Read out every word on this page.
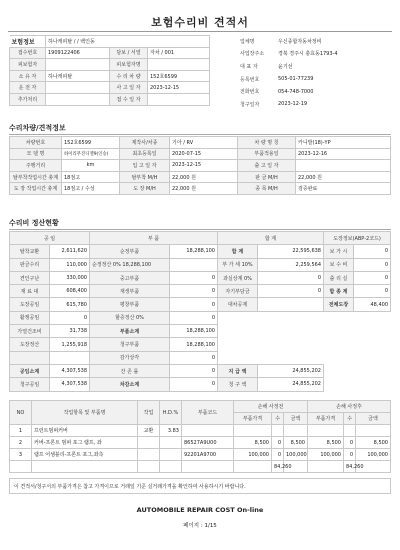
보험수리비 견적서
보험정보	하나캐피탈 / / 백인동		
접수번호	1909122406	담보 / 서열	자차 / 001
피보험자		피보험자명	
소 유 자	하나캐피탈	수 리 차 량	152호6599
운 전 자		사 고 일 자	2023-12-15
추가처리		접 수 일 자	
업체명	우신종합자동차정비
사업장주소	경북 경주시 충효동1793-4
대 표 자	윤기선
등록번호	505-01-77239
전화번호	054-748-7000
청구일자	2023-12-19
수리차량/견적정보
차량번호	152호6599	제작사/차종	기아 / RV	차 량 명 칭	카니발(18)-YP
모 델 명	하이리무진디젤9(인승)	최초등록일	2020-07-15	부품적용일	2023-12-16
주행거리	km	입 고 일 자	2023-12-15	출 고 일 자	
탈부착작업시간 총계	18점고	탈부착 M/H	22,000 원	판 금 M/H	22,000 원
도 장 작업시간 총계	18점고 / 수성	도 장 M/H	22,000 원	종 목 M/H	검증완료
수리비 정산현황
공 임		부 품		합 계		도장정보(ABP-2코드)	
탈착교환	2,611,620	순정부품	18,288,100	합 계	22,595,638	보 가 시	0
판금수리	110,000	순정정산 0% 18,288,100		부 가 세 10%	2,259,564	보 수 비	0
견인구난	330,000	중고부품	0	과실상계 0%	0	출 리 실	0
재 료 대	608,400	재생부품	0	자기부담금	0	합 종 계	0
도장공임	615,780	평창부품	0	대차공제		전체도장	48,400
활쟁공임	0	할증정산 0%	0				
가열건조비	31,738	부품소계	18,288,100				
도장정산	1,255,918	청구부품	18,288,100				
		감가상각	0				
공임소계	4,307,538	잔 존 률	0	지 급 액	24,855,202		
청구공임	4,307,538	차감소계	0	청 구 액	24,855,202		
NO	작업항목 및 부품명	작업	H.D.%	부품코드	손해 사정전			손해 사정후		
					부품가격	수	금액	부품가격	수	금액
1	프런트범퍼커버	교환	3.83							
2	커버-프론트 범퍼 포그 램프, 좌			86527A9U00	8,500	0	8,500	8,500	0	8,500
3	램프 어셈블리-프론트 포그,좌측			92201A9700	100,000	0	100,000	100,000	0	100,000
						84,260			84,260	
이 견적서/청구서의 부품가격은 참고 가격이므로 거래일 기준 실거래가격을 확인하여 사용하시기 바랍니다.
AUTOMOBILE REPAIR COST On-line
페이지 : 1/15
